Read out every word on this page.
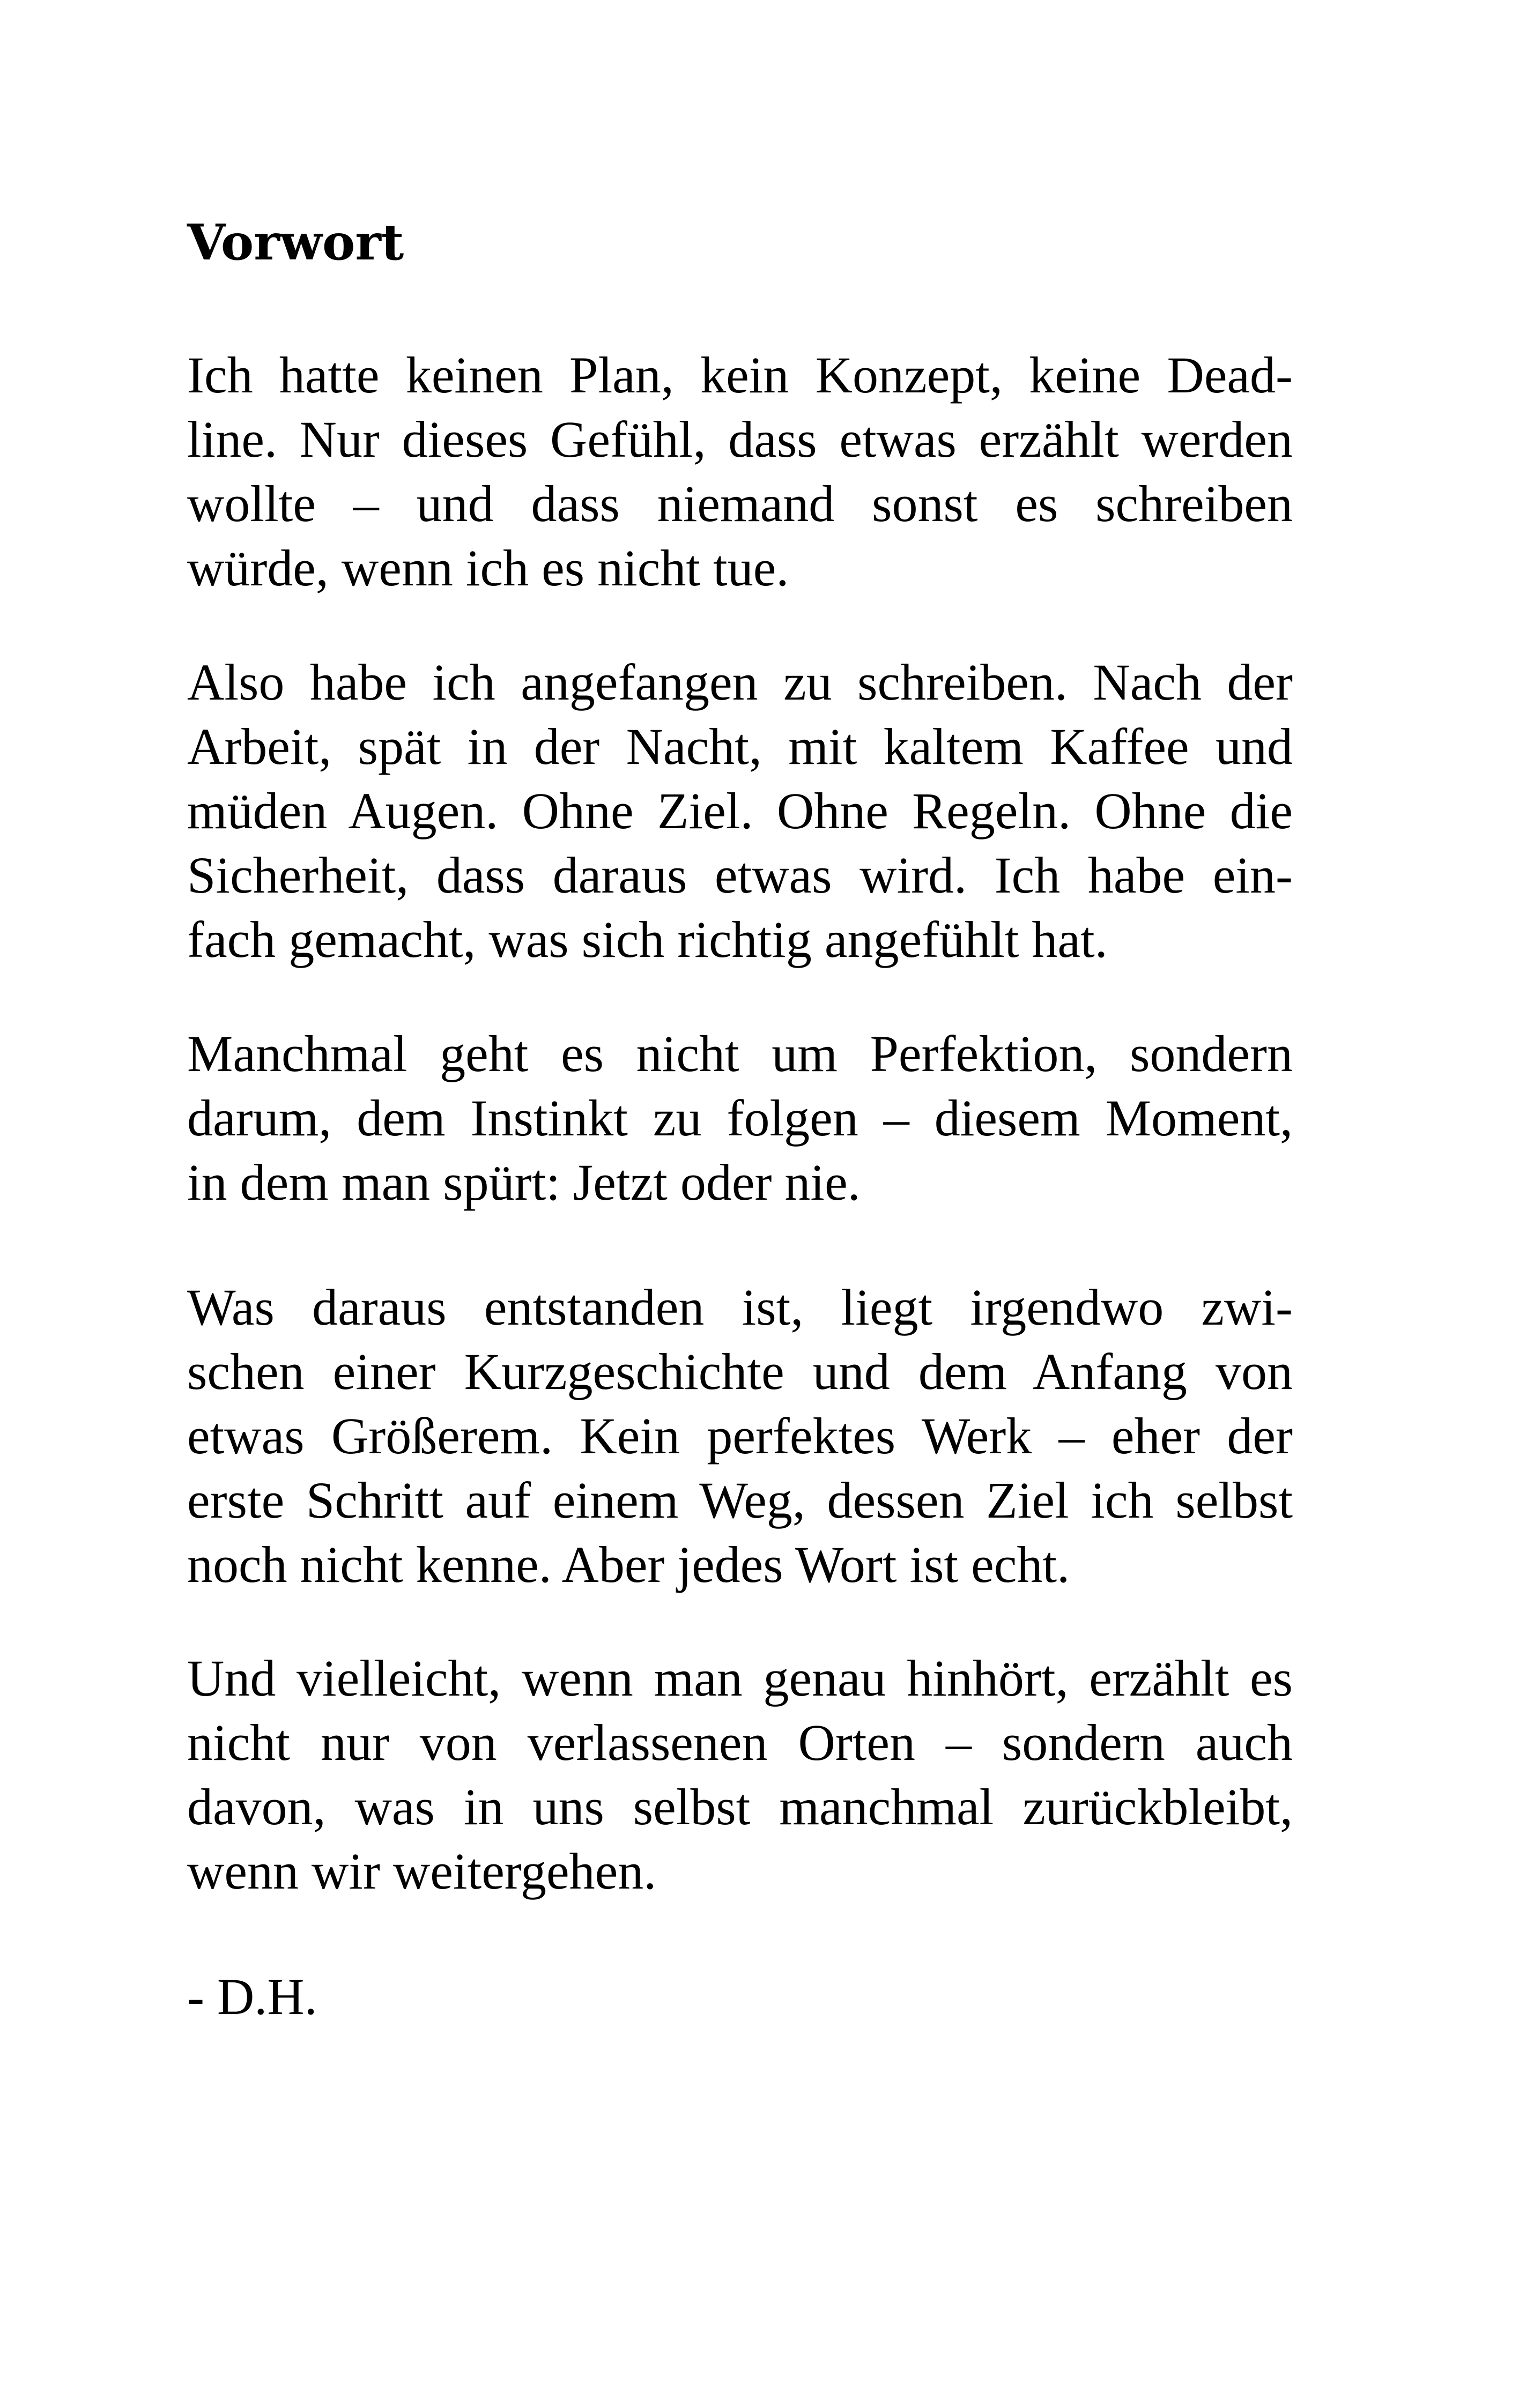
Vorwort

Ich hatte keinen Plan, kein Konzept, keine Dead-
line. Nur dieses Gefühl, dass etwas erzählt werden
wollte – und dass niemand sonst es schreiben
würde, wenn ich es nicht tue.

Also habe ich angefangen zu schreiben. Nach der
Arbeit, spät in der Nacht, mit kaltem Kaffee und
müden Augen. Ohne Ziel. Ohne Regeln. Ohne die
Sicherheit, dass daraus etwas wird. Ich habe ein-
fach gemacht, was sich richtig angefühlt hat.

Manchmal geht es nicht um Perfektion, sondern
darum, dem Instinkt zu folgen – diesem Moment,
in dem man spürt: Jetzt oder nie.

Was daraus entstanden ist, liegt irgendwo zwi-
schen einer Kurzgeschichte und dem Anfang von
etwas Größerem. Kein perfektes Werk – eher der
erste Schritt auf einem Weg, dessen Ziel ich selbst
noch nicht kenne. Aber jedes Wort ist echt.

Und vielleicht, wenn man genau hinhört, erzählt es
nicht nur von verlassenen Orten – sondern auch
davon, was in uns selbst manchmal zurückbleibt,
wenn wir weitergehen.

- D.H.
